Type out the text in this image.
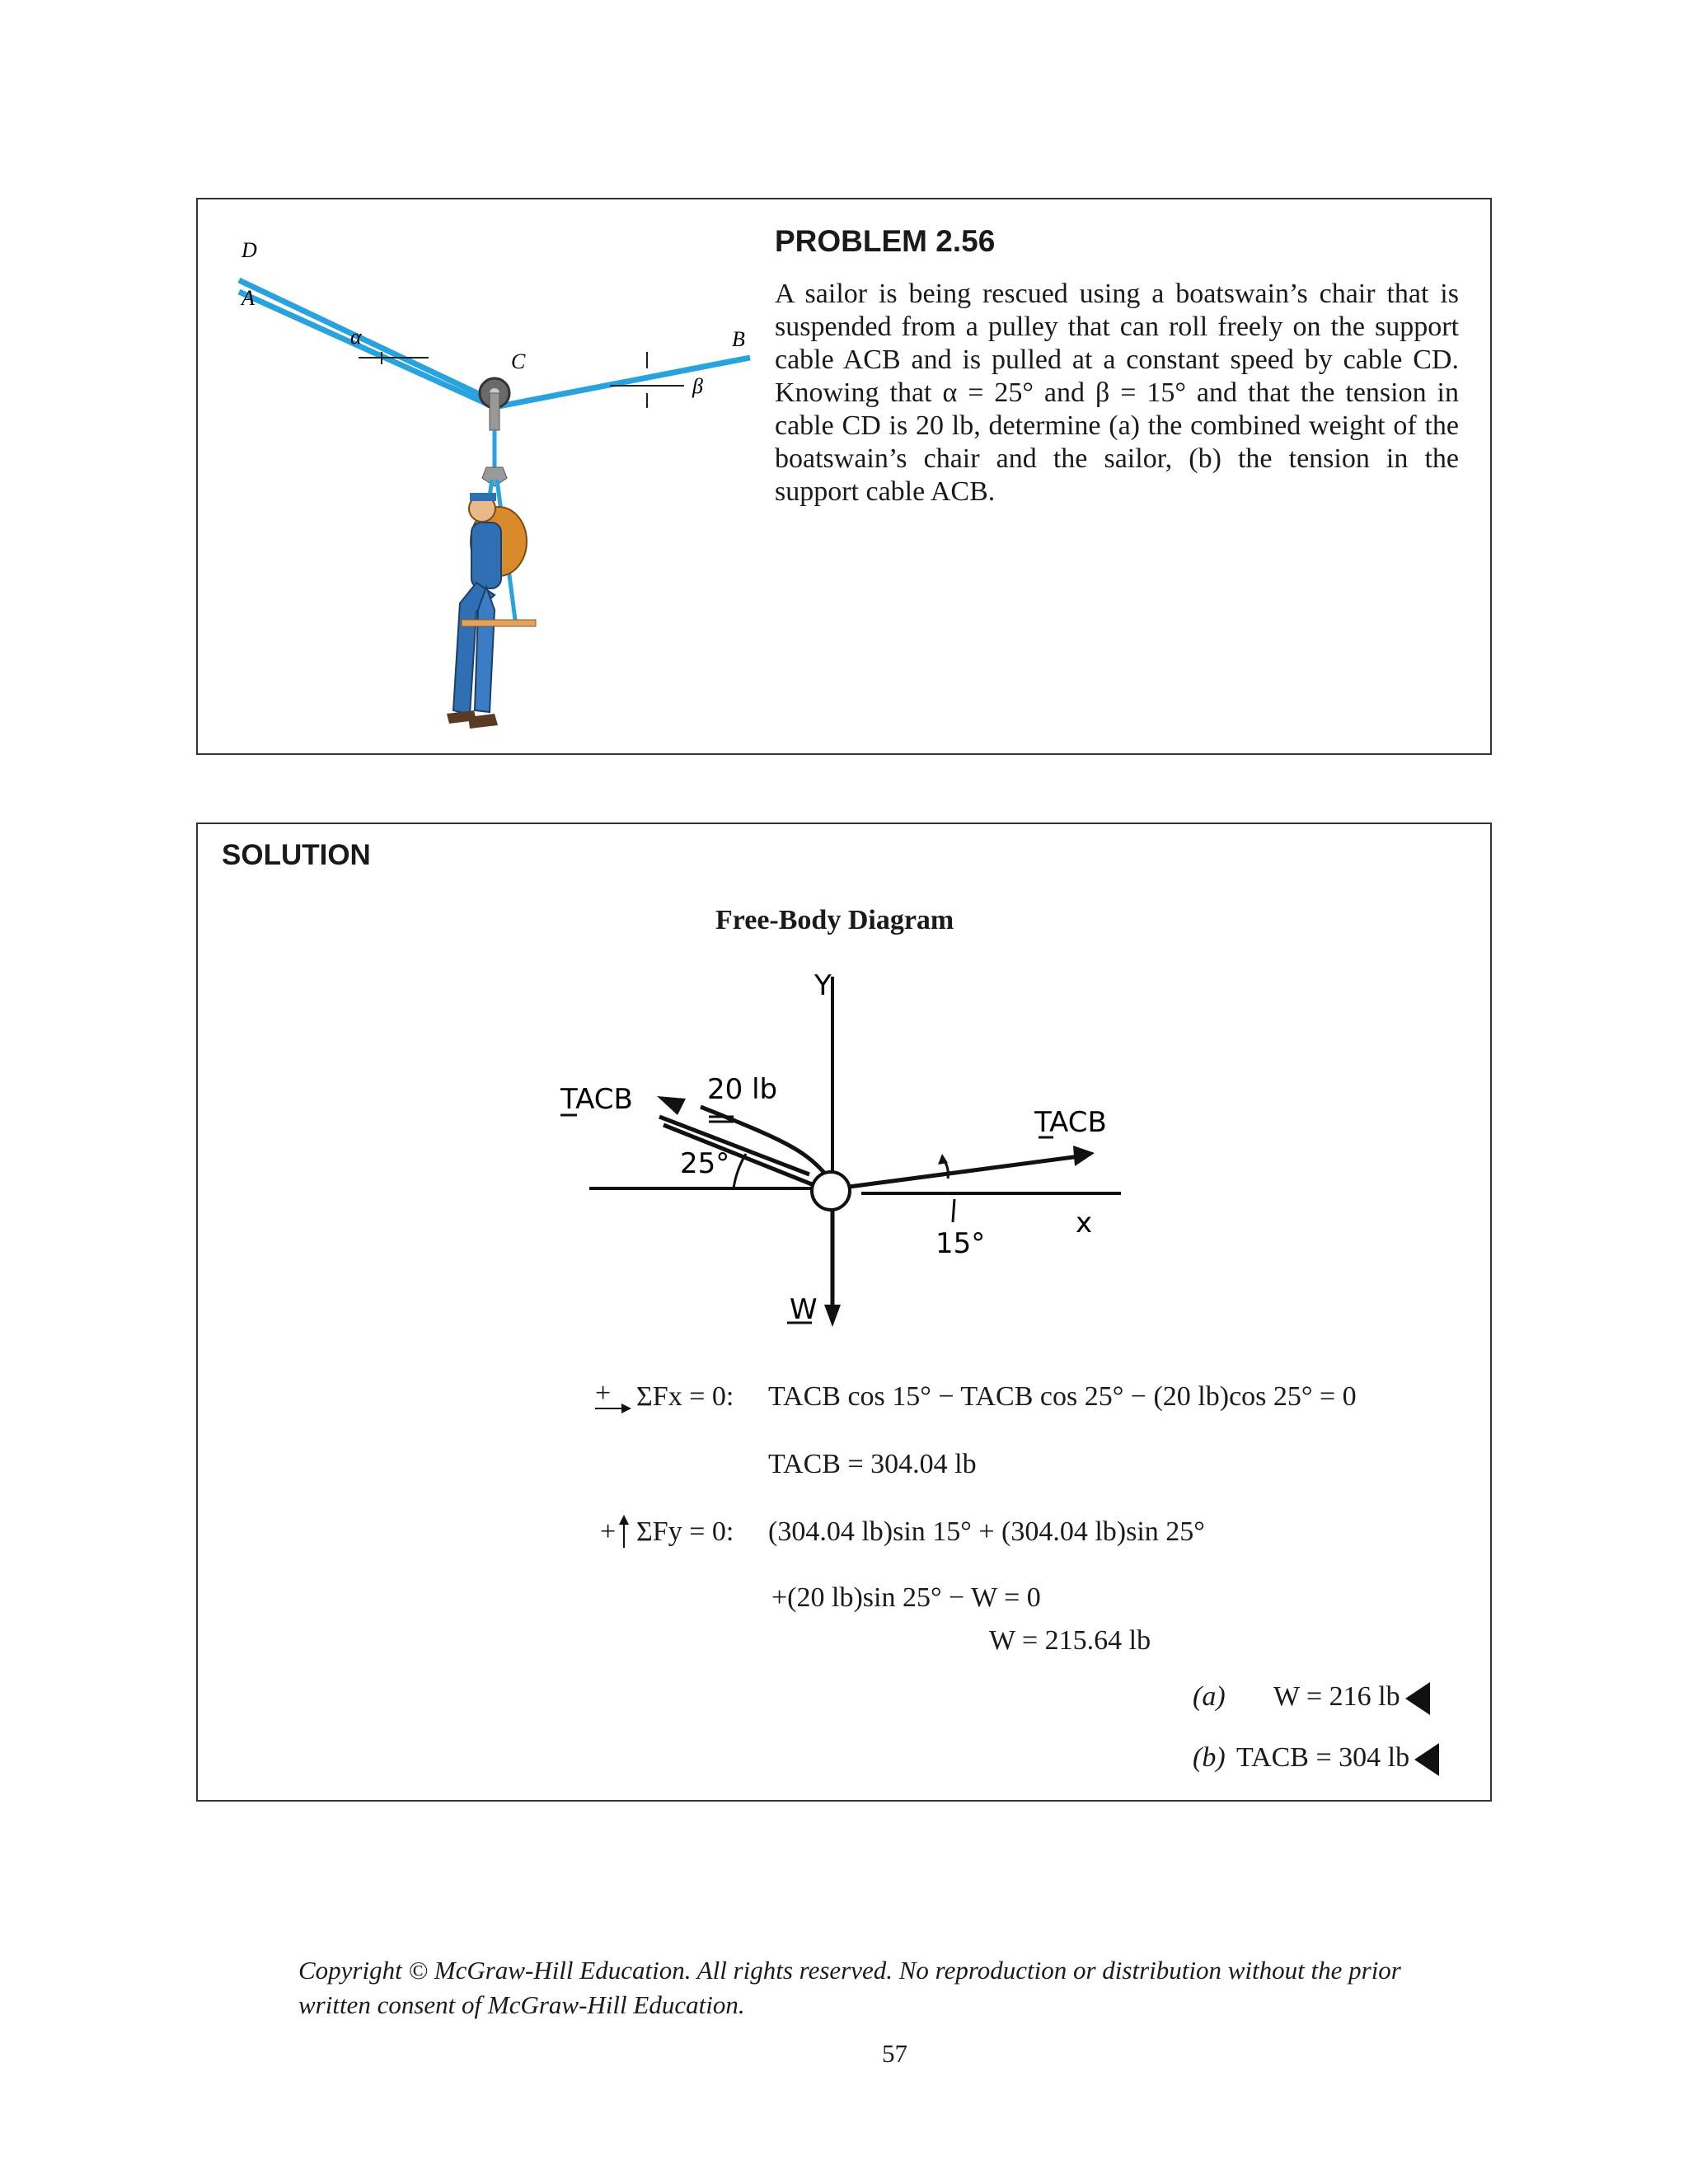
D
A
α
C
B
β
PROBLEM 2.56
A sailor is being rescued using a boatswain’s chair that is suspended from a pulley that can roll freely on the support cable ACB and is pulled at a constant speed by cable CD. Knowing that α = 25° and β = 15° and that the tension in cable CD is 20 lb, determine (a) the combined weight of the boatswain’s chair and the sailor, (b) the tension in the support cable ACB.
SOLUTION
Free-Body Diagram
Y
TACB	20 lb
25°
TACB
15°
x
W
+ ΣFx = 0: TACB cos 15° − TACB cos 25° − (20 lb)cos 25° = 0
TACB = 304.04 lb
+ ΣFy = 0: (304.04 lb)sin 15° + (304.04 lb)sin 25°
+(20 lb)sin 25° − W = 0
W = 215.64 lb
(a) W = 216 lb
(b) TACB = 304 lb
Copyright © McGraw-Hill Education. All rights reserved. No reproduction or distribution without the prior
written consent of McGraw-Hill Education.
57
